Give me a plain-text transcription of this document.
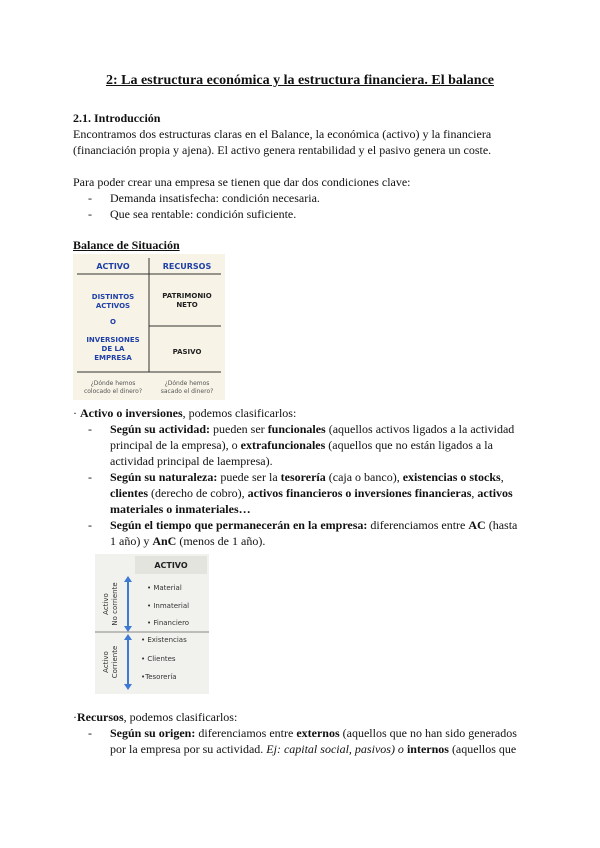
2: La estructura económica y la estructura financiera. El balance
2.1. Introducción
Encontramos dos estructuras claras en el Balance, la económica (activo) y la financiera
(financiación propia y ajena). El activo genera rentabilidad y el pasivo genera un coste.
Para poder crear una empresa se tienen que dar dos condiciones clave:

- Demanda insatisfecha: condición necesaria.

- Que sea rentable: condición suficiente.

Balance de Situación
ACTIVO	RECURSOS
DISTINTOS
ACTIVOS
O
INVERSIONES
DE LA
EMPRESA
PATRIMONIO
NETO
PASIVO
¿Dónde hemos
colocado el dinero?
¿Dónde hemos
sacado el dinero?
· Activo o inversiones, podemos clasificarlos:
- Según su actividad: pueden ser funcionales (aquellos activos ligados a la actividad
principal de la empresa), o extrafuncionales (aquellos que no están ligados a la
actividad principal de laempresa).
- Según su naturaleza: puede ser la tesorería (caja o banco), existencias o stocks,
clientes (derecho de cobro), activos financieros o inversiones financieras, activos
materiales o inmateriales…
- Según el tiempo que permanecerán en la empresa: diferenciamos entre AC (hasta
1 año) y AnC (menos de 1 año).
ACTIVO
Activo No corriente
Activo Corriente
• Material
• Inmaterial
• Financiero
• Existencias
• Clientes
•Tesorería
·Recursos, podemos clasificarlos:
- Según su origen: diferenciamos entre externos (aquellos que no han sido generados
por la empresa por su actividad. Ej: capital social, pasivos) o internos (aquellos que
